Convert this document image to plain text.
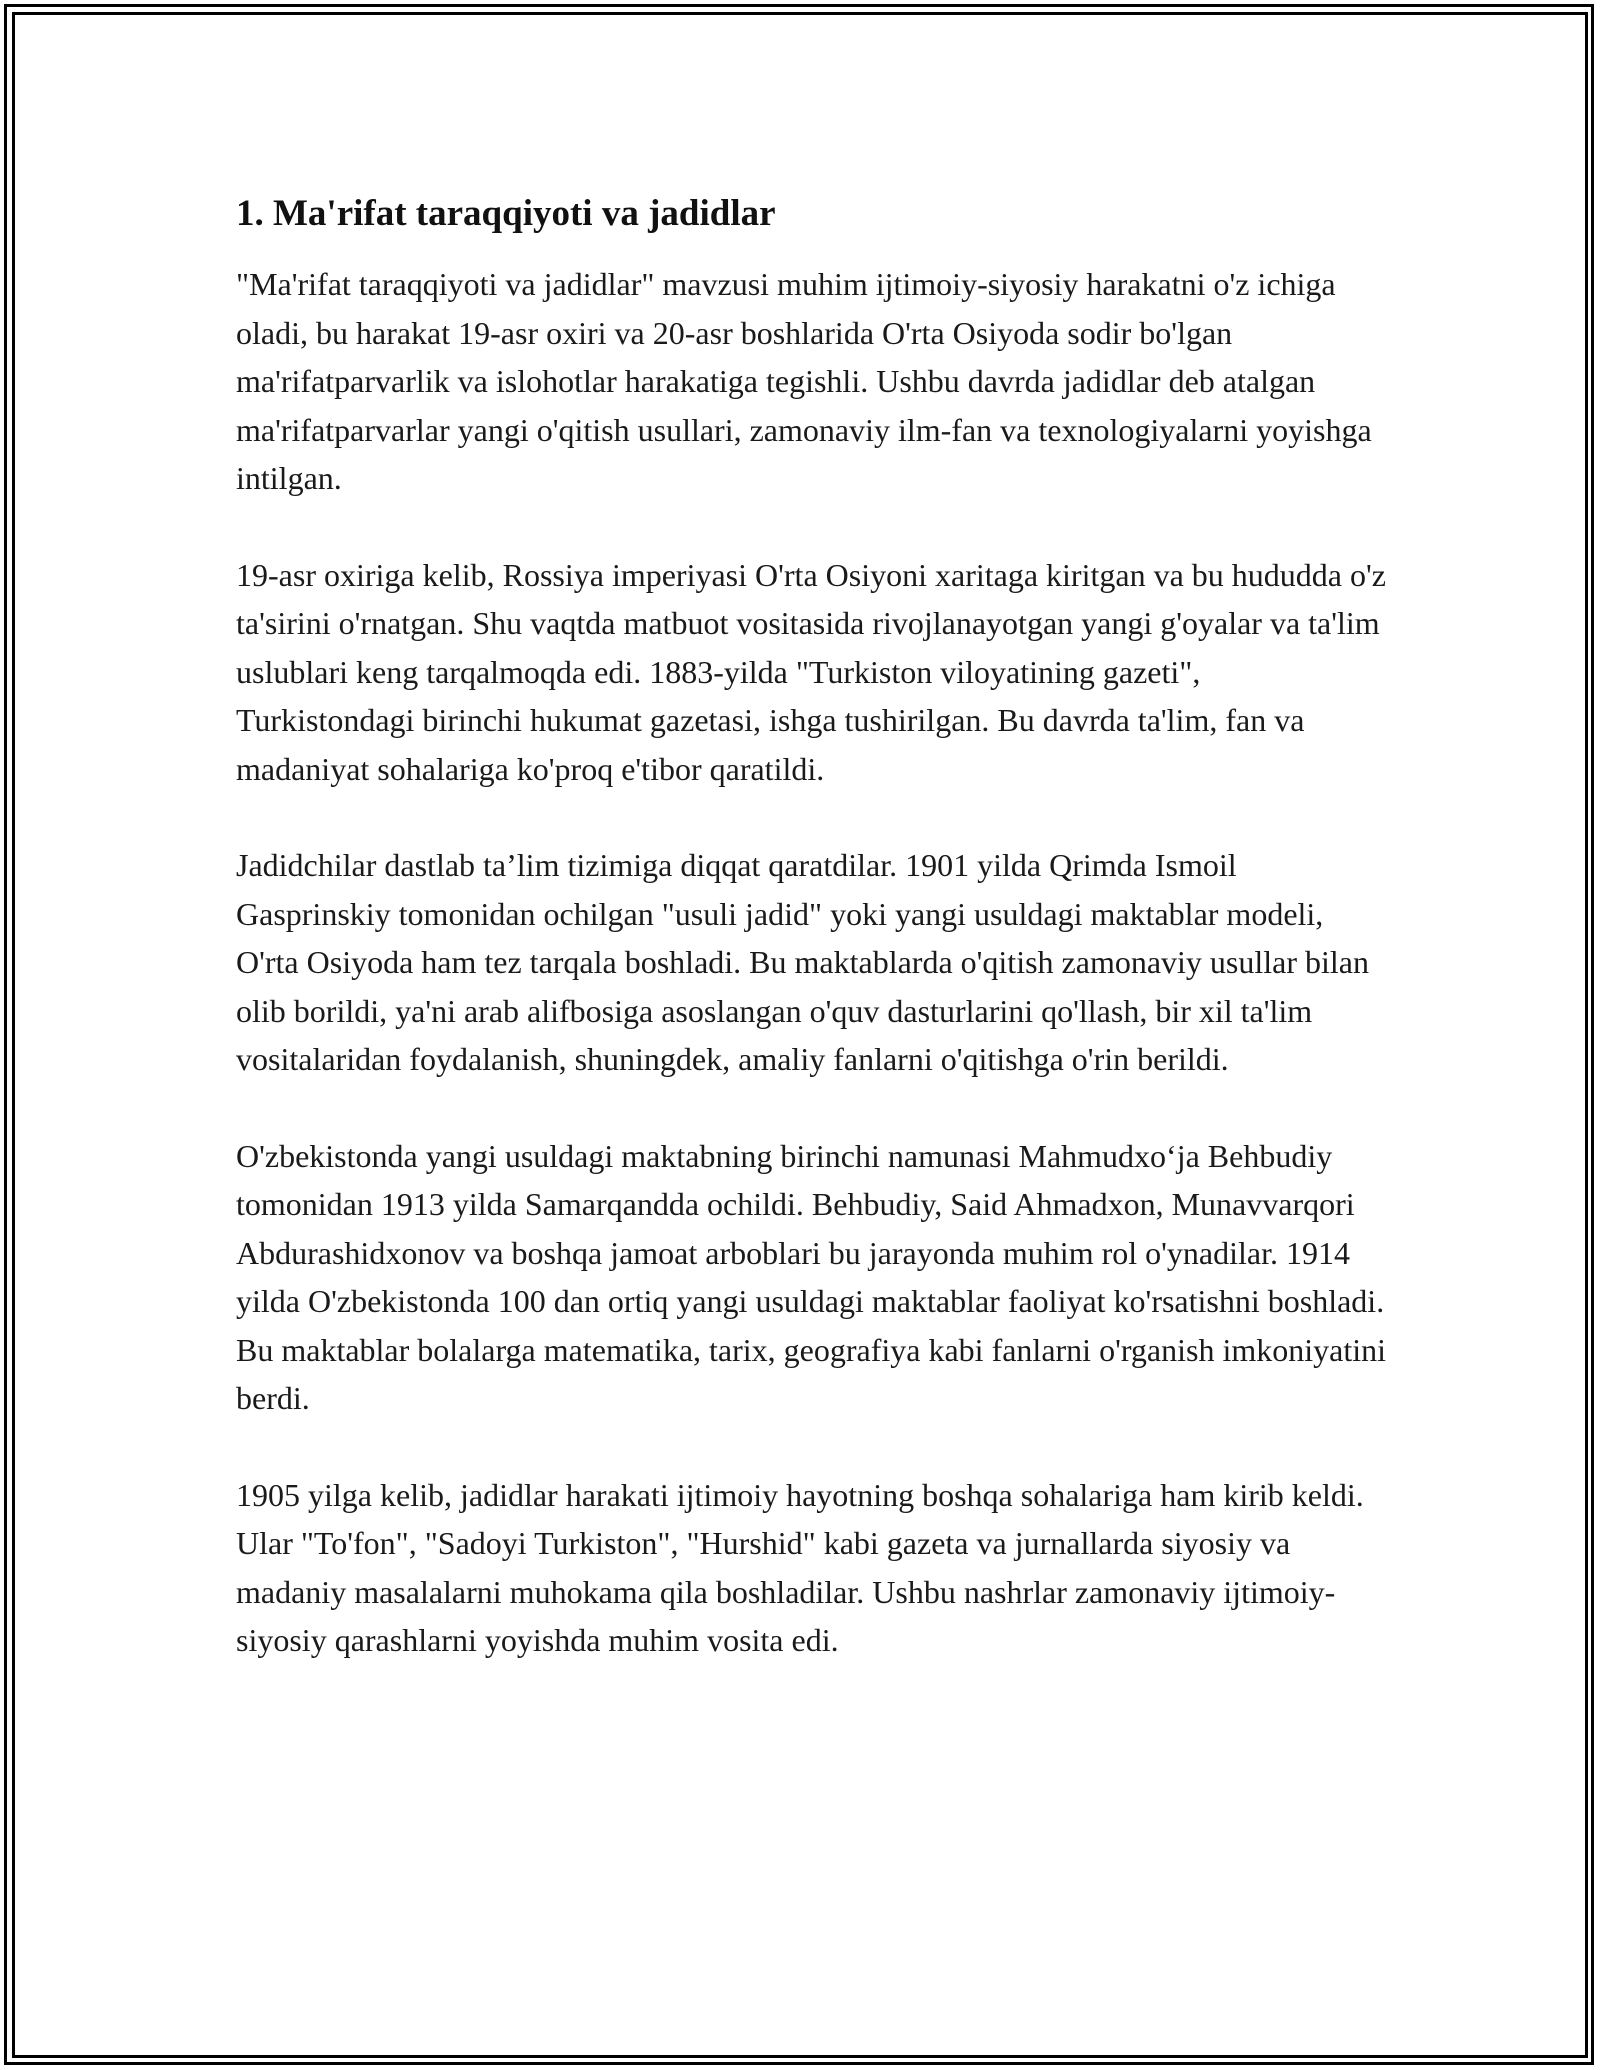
1. Ma'rifat taraqqiyoti va jadidlar

"Ma'rifat taraqqiyoti va jadidlar" mavzusi muhim ijtimoiy-siyosiy harakatni o'z ichiga oladi, bu harakat 19-asr oxiri va 20-asr boshlarida O'rta Osiyoda sodir bo'lgan ma'rifatparvarlik va islohotlar harakatiga tegishli. Ushbu davrda jadidlar deb atalgan ma'rifatparvarlar yangi o'qitish usullari, zamonaviy ilm-fan va texnologiyalarni yoyishga intilgan.

19-asr oxiriga kelib, Rossiya imperiyasi O'rta Osiyoni xaritaga kiritgan va bu hududda o'z ta'sirini o'rnatgan. Shu vaqtda matbuot vositasida rivojlanayotgan yangi g'oyalar va ta'lim uslublari keng tarqalmoqda edi. 1883-yilda "Turkiston viloyatining gazeti", Turkistondagi birinchi hukumat gazetasi, ishga tushirilgan. Bu davrda ta'lim, fan va madaniyat sohalariga ko'proq e'tibor qaratildi.

Jadidchilar dastlab ta’lim tizimiga diqqat qaratdilar. 1901 yilda Qrimda Ismoil Gasprinskiy tomonidan ochilgan "usuli jadid" yoki yangi usuldagi maktablar modeli, O'rta Osiyoda ham tez tarqala boshladi. Bu maktablarda o'qitish zamonaviy usullar bilan olib borildi, ya'ni arab alifbosiga asoslangan o'quv dasturlarini qo'llash, bir xil ta'lim vositalaridan foydalanish, shuningdek, amaliy fanlarni o'qitishga o'rin berildi.

O'zbekistonda yangi usuldagi maktabning birinchi namunasi Mahmudxo‘ja Behbudiy tomonidan 1913 yilda Samarqandda ochildi. Behbudiy, Said Ahmadxon, Munavvarqori Abdurashidxonov va boshqa jamoat arboblari bu jarayonda muhim rol o'ynadilar. 1914 yilda O'zbekistonda 100 dan ortiq yangi usuldagi maktablar faoliyat ko'rsatishni boshladi. Bu maktablar bolalarga matematika, tarix, geografiya kabi fanlarni o'rganish imkoniyatini berdi.

1905 yilga kelib, jadidlar harakati ijtimoiy hayotning boshqa sohalariga ham kirib keldi. Ular "To'fon", "Sadoyi Turkiston", "Hurshid" kabi gazeta va jurnallarda siyosiy va madaniy masalalarni muhokama qila boshladilar. Ushbu nashrlar zamonaviy ijtimoiy-siyosiy qarashlarni yoyishda muhim vosita edi.
